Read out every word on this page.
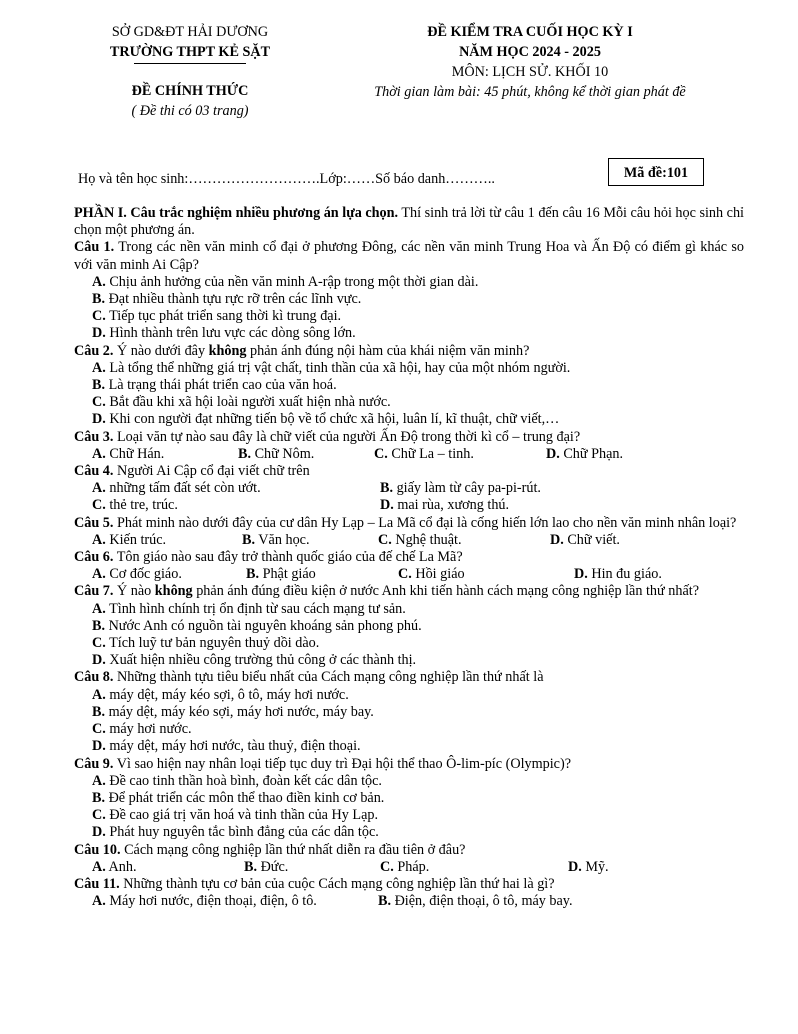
SỞ GD&ĐT HẢI DƯƠNG
TRƯỜNG THPT KẺ SẶT
ĐỀ CHÍNH THỨC
( Đề thi có 03 trang)
ĐỀ KIỂM TRA CUỐI HỌC KỲ I
NĂM HỌC 2024 - 2025
MÔN: LỊCH SỬ. KHỐI 10
Thời gian làm bài: 45 phút, không kể thời gian phát đề
Họ và tên học sinh:……………………….Lớp:……Số báo danh………..	Mã đề:101
PHẦN I. Câu trắc nghiệm nhiều phương án lựa chọn. Thí sinh trả lời từ câu 1 đến câu 16 Mỗi câu hỏi học sinh chỉ chọn một phương án.
Câu 1. Trong các nền văn minh cổ đại ở phương Đông, các nền văn minh Trung Hoa và Ấn Độ có điểm gì khác so với văn minh Ai Cập?
A. Chịu ảnh hưởng của nền văn minh A-rập trong một thời gian dài.
B. Đạt nhiều thành tựu rực rỡ trên các lĩnh vực.
C. Tiếp tục phát triển sang thời kì trung đại.
D. Hình thành trên lưu vực các dòng sông lớn.
Câu 2. Ý nào dưới đây không phản ánh đúng nội hàm của khái niệm văn minh?
A. Là tổng thể những giá trị vật chất, tinh thần của xã hội, hay của một nhóm người.
B. Là trạng thái phát triển cao của văn hoá.
C. Bắt đầu khi xã hội loài người xuất hiện nhà nước.
D. Khi con người đạt những tiến bộ về tổ chức xã hội, luân lí, kĩ thuật, chữ viết,…
Câu 3. Loại văn tự nào sau đây là chữ viết của người Ấn Độ trong thời kì cổ – trung đại?
A. Chữ Hán.	B. Chữ Nôm.	C. Chữ La – tinh.	D. Chữ Phạn.
Câu 4. Người Ai Cập cổ đại viết chữ trên
A. những tấm đất sét còn ướt.	B. giấy làm từ cây pa-pi-rút.
C. thẻ tre, trúc.	D. mai rùa, xương thú.
Câu 5. Phát minh nào dưới đây của cư dân Hy Lạp – La Mã cổ đại là cống hiến lớn lao cho nền văn minh nhân loại?
A. Kiến trúc.	B. Văn học.	C. Nghệ thuật.	D. Chữ viết.
Câu 6. Tôn giáo nào sau đây trở thành quốc giáo của đế chế La Mã?
A. Cơ đốc giáo.	B. Phật giáo	C. Hồi giáo	D. Hin đu giáo.
Câu 7. Ý nào không phản ánh đúng điều kiện ở nước Anh khi tiến hành cách mạng công nghiệp lần thứ nhất?
A. Tình hình chính trị ổn định từ sau cách mạng tư sản.
B. Nước Anh có nguồn tài nguyên khoáng sản phong phú.
C. Tích luỹ tư bản nguyên thuỷ dồi dào.
D. Xuất hiện nhiều công trường thủ công ở các thành thị.
Câu 8. Những thành tựu tiêu biểu nhất của Cách mạng công nghiệp lần thứ nhất là
A. máy dệt, máy kéo sợi, ô tô, máy hơi nước.
B. máy dệt, máy kéo sợi, máy hơi nước, máy bay.
C. máy hơi nước.
D. máy dệt, máy hơi nước, tàu thuỷ, điện thoại.
Câu 9. Vì sao hiện nay nhân loại tiếp tục duy trì Đại hội thể thao Ô-lim-píc (Olympic)?
A. Đề cao tinh thần hoà bình, đoàn kết các dân tộc.
B. Để phát triển các môn thể thao điền kinh cơ bản.
C. Đề cao giá trị văn hoá và tinh thần của Hy Lạp.
D. Phát huy nguyên tắc bình đẳng của các dân tộc.
Câu 10. Cách mạng công nghiệp lần thứ nhất diễn ra đầu tiên ở đâu?
A. Anh.	B. Đức.	C. Pháp.	D. Mỹ.
Câu 11. Những thành tựu cơ bản của cuộc Cách mạng công nghiệp lần thứ hai là gì?
A. Máy hơi nước, điện thoại, điện, ô tô.	B. Điện, điện thoại, ô tô, máy bay.
